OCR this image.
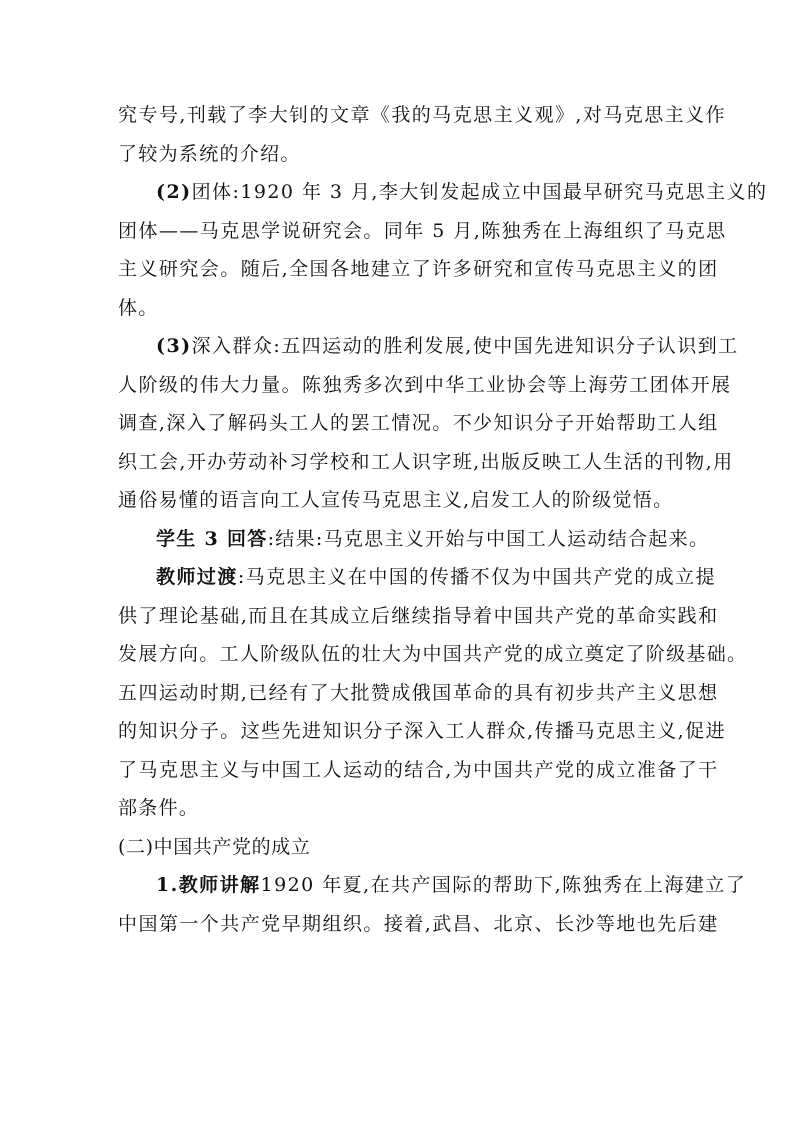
究专号,刊载了李大钊的文章《我的马克思主义观》,对马克思主义作
了较为系统的介绍。
(2)团体:1920 年 3 月,李大钊发起成立中国最早研究马克思主义的
团体——马克思学说研究会。同年 5 月,陈独秀在上海组织了马克思
主义研究会。随后,全国各地建立了许多研究和宣传马克思主义的团
体。
(3)深入群众:五四运动的胜利发展,使中国先进知识分子认识到工
人阶级的伟大力量。陈独秀多次到中华工业协会等上海劳工团体开展
调查,深入了解码头工人的罢工情况。不少知识分子开始帮助工人组
织工会,开办劳动补习学校和工人识字班,出版反映工人生活的刊物,用
通俗易懂的语言向工人宣传马克思主义,启发工人的阶级觉悟。
学生 3 回答:结果:马克思主义开始与中国工人运动结合起来。
教师过渡:马克思主义在中国的传播不仅为中国共产党的成立提
供了理论基础,而且在其成立后继续指导着中国共产党的革命实践和
发展方向。工人阶级队伍的壮大为中国共产党的成立奠定了阶级基础。
五四运动时期,已经有了大批赞成俄国革命的具有初步共产主义思想
的知识分子。这些先进知识分子深入工人群众,传播马克思主义,促进
了马克思主义与中国工人运动的结合,为中国共产党的成立准备了干
部条件。
(二)中国共产党的成立
1.教师讲解1920 年夏,在共产国际的帮助下,陈独秀在上海建立了
中国第一个共产党早期组织。接着,武昌、北京、长沙等地也先后建
